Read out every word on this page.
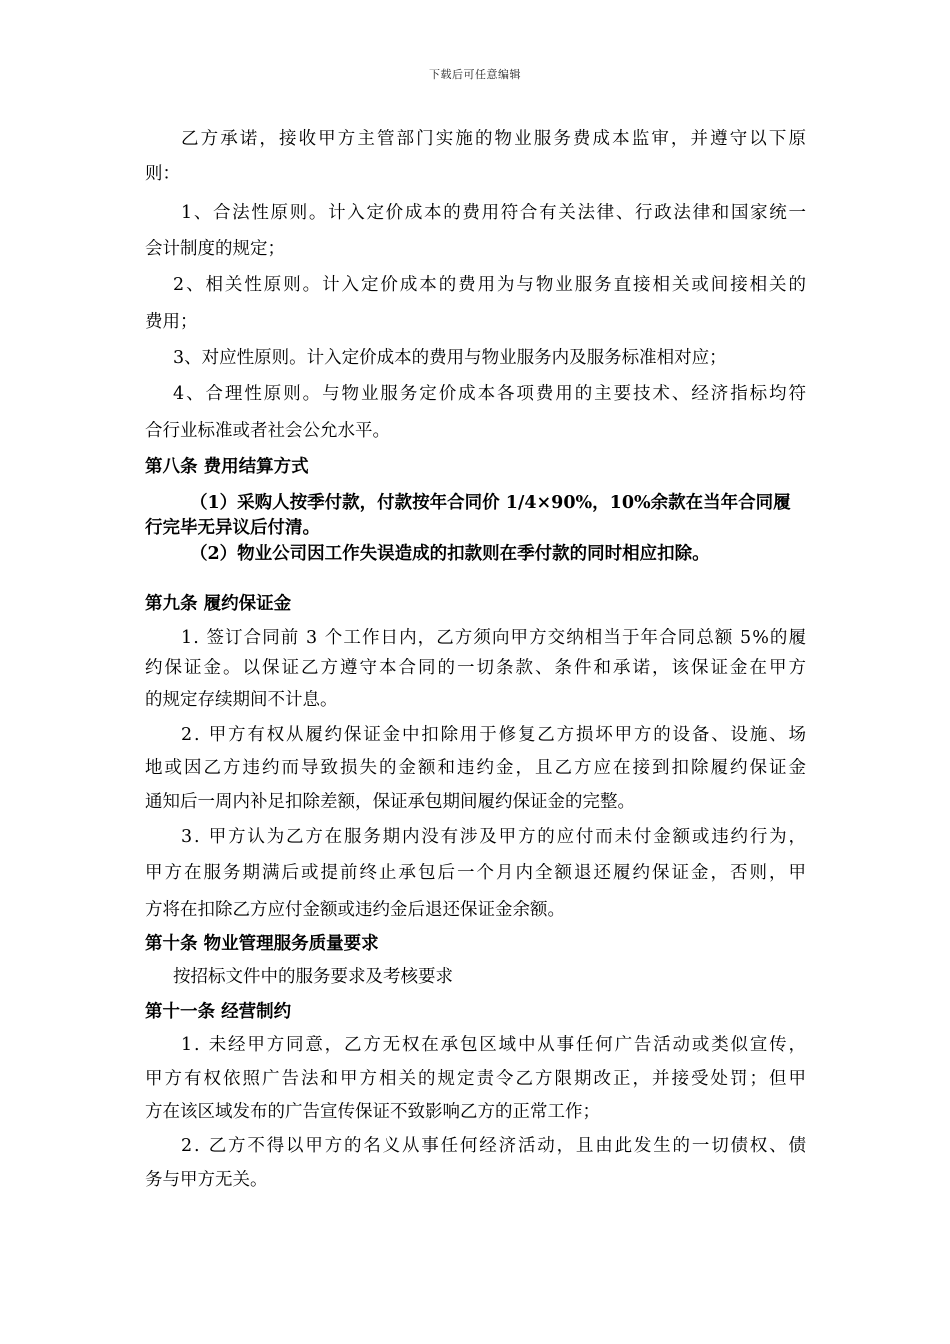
下载后可任意编辑
乙方承诺，接收甲方主管部门实施的物业服务费成本监审，并遵守以下原
则：
1、合法性原则。计入定价成本的费用符合有关法律、行政法律和国家统一
会计制度的规定；
2、相关性原则。计入定价成本的费用为与物业服务直接相关或间接相关的
费用；
3、对应性原则。计入定价成本的费用与物业服务内及服务标准相对应；
4、合理性原则。与物业服务定价成本各项费用的主要技术、经济指标均符
合行业标准或者社会公允水平。
第八条 费用结算方式
（1）采购人按季付款，付款按年合同价 1/4×90%，10%余款在当年合同履
行完毕无异议后付清。
（2）物业公司因工作失误造成的扣款则在季付款的同时相应扣除。
第九条 履约保证金
1. 签订合同前 3 个工作日内，乙方须向甲方交纳相当于年合同总额 5%的履
约保证金。以保证乙方遵守本合同的一切条款、条件和承诺，该保证金在甲方
的规定存续期间不计息。
2. 甲方有权从履约保证金中扣除用于修复乙方损坏甲方的设备、设施、场
地或因乙方违约而导致损失的金额和违约金，且乙方应在接到扣除履约保证金
通知后一周内补足扣除差额，保证承包期间履约保证金的完整。
3. 甲方认为乙方在服务期内没有涉及甲方的应付而未付金额或违约行为，
甲方在服务期满后或提前终止承包后一个月内全额退还履约保证金，否则，甲
方将在扣除乙方应付金额或违约金后退还保证金余额。
第十条 物业管理服务质量要求
按招标文件中的服务要求及考核要求
第十一条 经营制约
1. 未经甲方同意，乙方无权在承包区域中从事任何广告活动或类似宣传，
甲方有权依照广告法和甲方相关的规定责令乙方限期改正，并接受处罚；但甲
方在该区域发布的广告宣传保证不致影响乙方的正常工作；
2. 乙方不得以甲方的名义从事任何经济活动，且由此发生的一切债权、债
务与甲方无关。
